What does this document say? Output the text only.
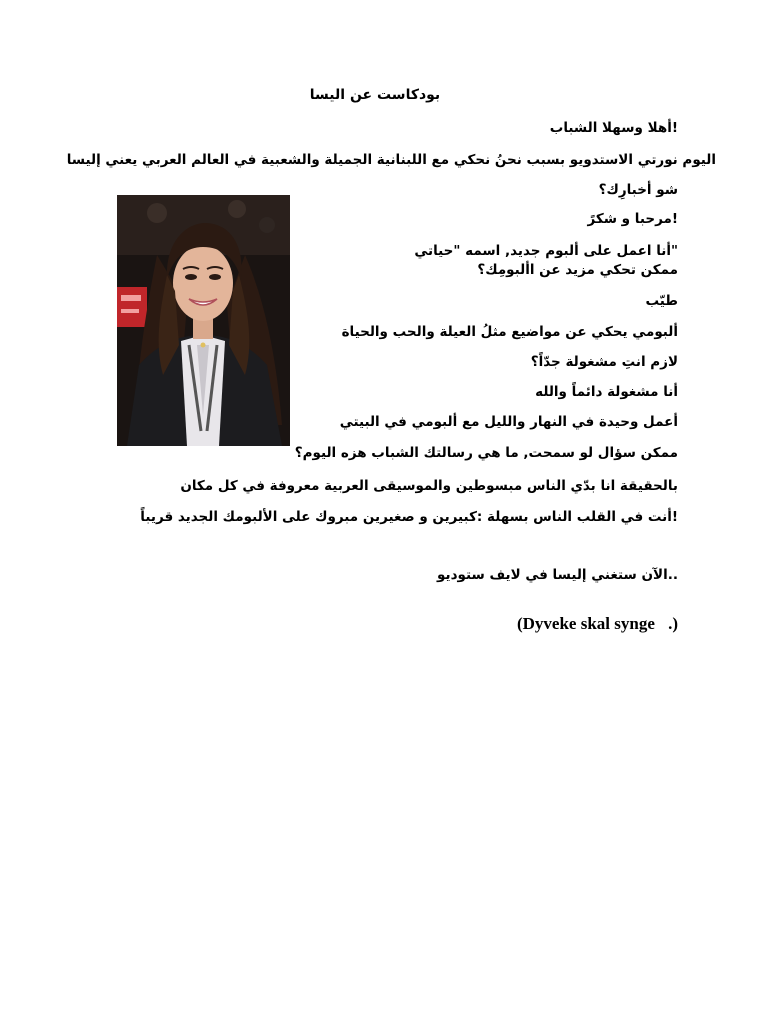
بودكاست عن اليسا
!أهلا وسهلا الشباب
اليوم نورتي الاستدويو بسبب نحنُ نحكي مع اللبنانية الجميلة والشعبية في العالم العربي يعني إليسا
شو أخبارِك؟
!مرحبا و شكرً
"أنا اعمل على ألبوم جديد, اسمه "حياتي
ممكن تحكي مزيد عن األبومِك؟
طيّب
ألبومي يحكي عن مواضيع مثلُ العيلة والحب والحياة
لازم انتِ مشغولة جدّاً؟
أنا مشغولة دائماً والله
أعمل وحيدة في النهار والليل مع ألبومي في البيتي
ممكن سؤال لو سمحت, ما هي رسالتك الشباب هزه اليوم؟
بالحقيقة انا بدّي الناس مبسوطين والموسيقى العربية معروفة في كل مكان
!أنت في القلب الناس بسهلة :كبيرين و صغيرين مبروك على الألبومك الجديد قريباً
..الآن ستغني إليسا في لايف ستوديو
(Dyveke skal synge .)
